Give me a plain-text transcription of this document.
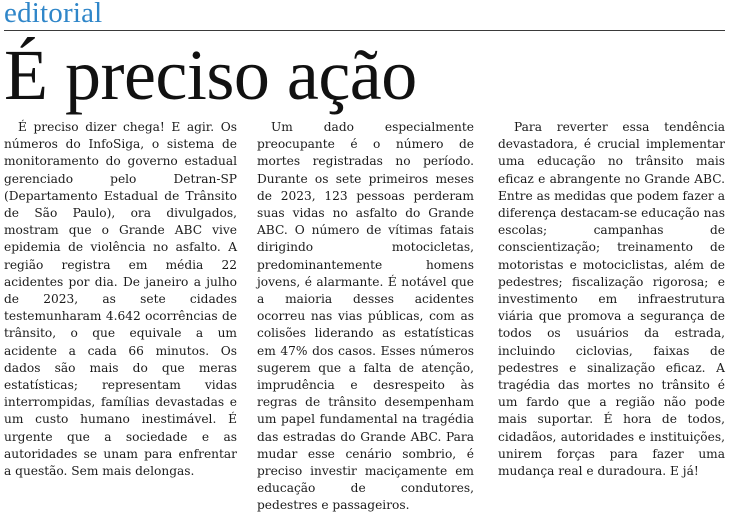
editorial
É preciso ação

É preciso dizer chega! E agir. Os números do InfoSiga, o sistema de monitoramento do governo estadual gerenciado pelo Detran-SP (Departamento Estadual de Trânsito de São Paulo), ora divulgados, mostram que o Grande ABC vive epidemia de violência no asfalto. A região registra em média 22 acidentes por dia. De janeiro a julho de 2023, as sete cidades testemunharam 4.642 ocorrências de trânsito, o que equivale a um acidente a cada 66 minutos. Os dados são mais do que meras estatísticas; representam vidas interrompidas, famílias devastadas e um custo humano inestimável. É urgente que a sociedade e as autoridades se unam para enfrentar a questão. Sem mais delongas.

Um dado especialmente preocupante é o número de mortes registradas no período. Durante os sete primeiros meses de 2023, 123 pessoas perderam suas vidas no asfalto do Grande ABC. O número de vítimas fatais dirigindo motocicletas, predominantemente homens jovens, é alarmante. É notável que a maioria desses acidentes ocorreu nas vias públicas, com as colisões liderando as estatísticas em 47% dos casos. Esses números sugerem que a falta de atenção, imprudência e desrespeito às regras de trânsito desempenham um papel fundamental na tragédia das estradas do Grande ABC. Para mudar esse cenário sombrio, é preciso investir maciçamente em educação de condutores, pedestres e passageiros.

Para reverter essa tendência devastadora, é crucial implementar uma educação no trânsito mais eficaz e abrangente no Grande ABC. Entre as medidas que podem fazer a diferença destacam-se educação nas escolas; campanhas de conscientização; treinamento de motoristas e motociclistas, além de pedestres; fiscalização rigorosa; e investimento em infraestrutura viária que promova a segurança de todos os usuários da estrada, incluindo ciclovias, faixas de pedestres e sinalização eficaz. A tragédia das mortes no trânsito é um fardo que a região não pode mais suportar. É hora de todos, cidadãos, autoridades e instituições, unirem forças para fazer uma mudança real e duradoura. E já!
